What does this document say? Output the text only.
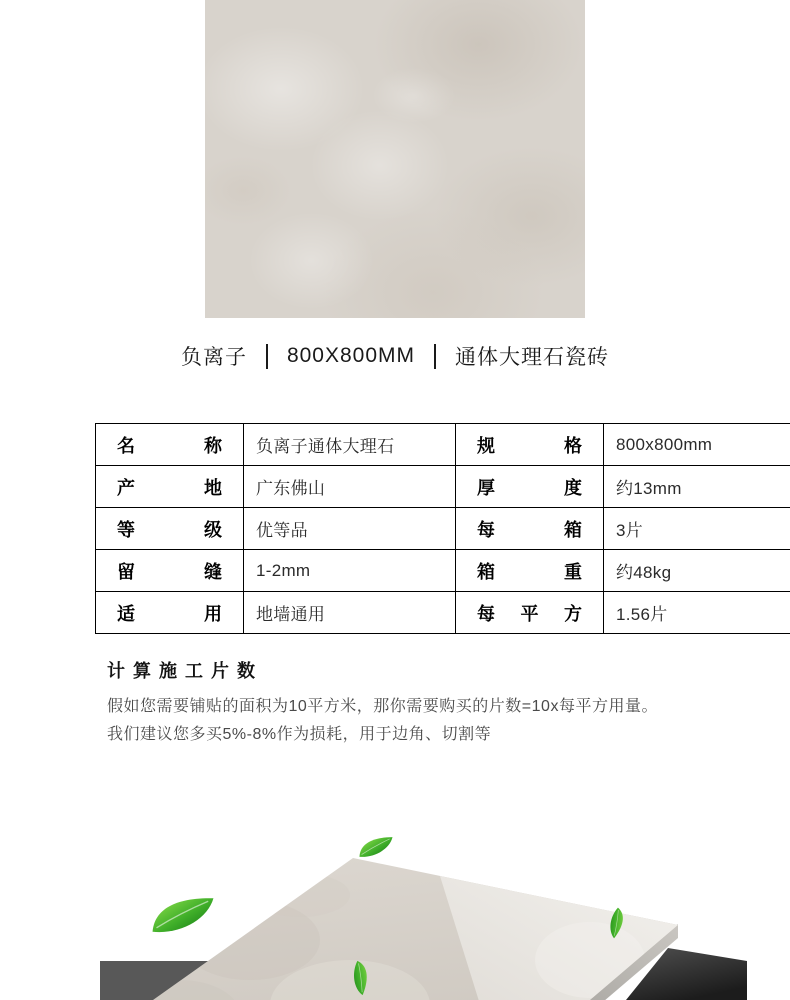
负离子 800X800MM 通体大理石瓷砖
名称	负离子通体大理石	规格	800x800mm
产地	广东佛山	厚度	约13mm
等级	优等品	每箱	3片
留缝	1-2mm	箱重	约48kg
适用	地墙通用	每平方	1.56片
计算施工片数
假如您需要铺贴的面积为10平方米，那你需要购买的片数=10x每平方用量。
我们建议您多买5%-8%作为损耗，用于边角、切割等
